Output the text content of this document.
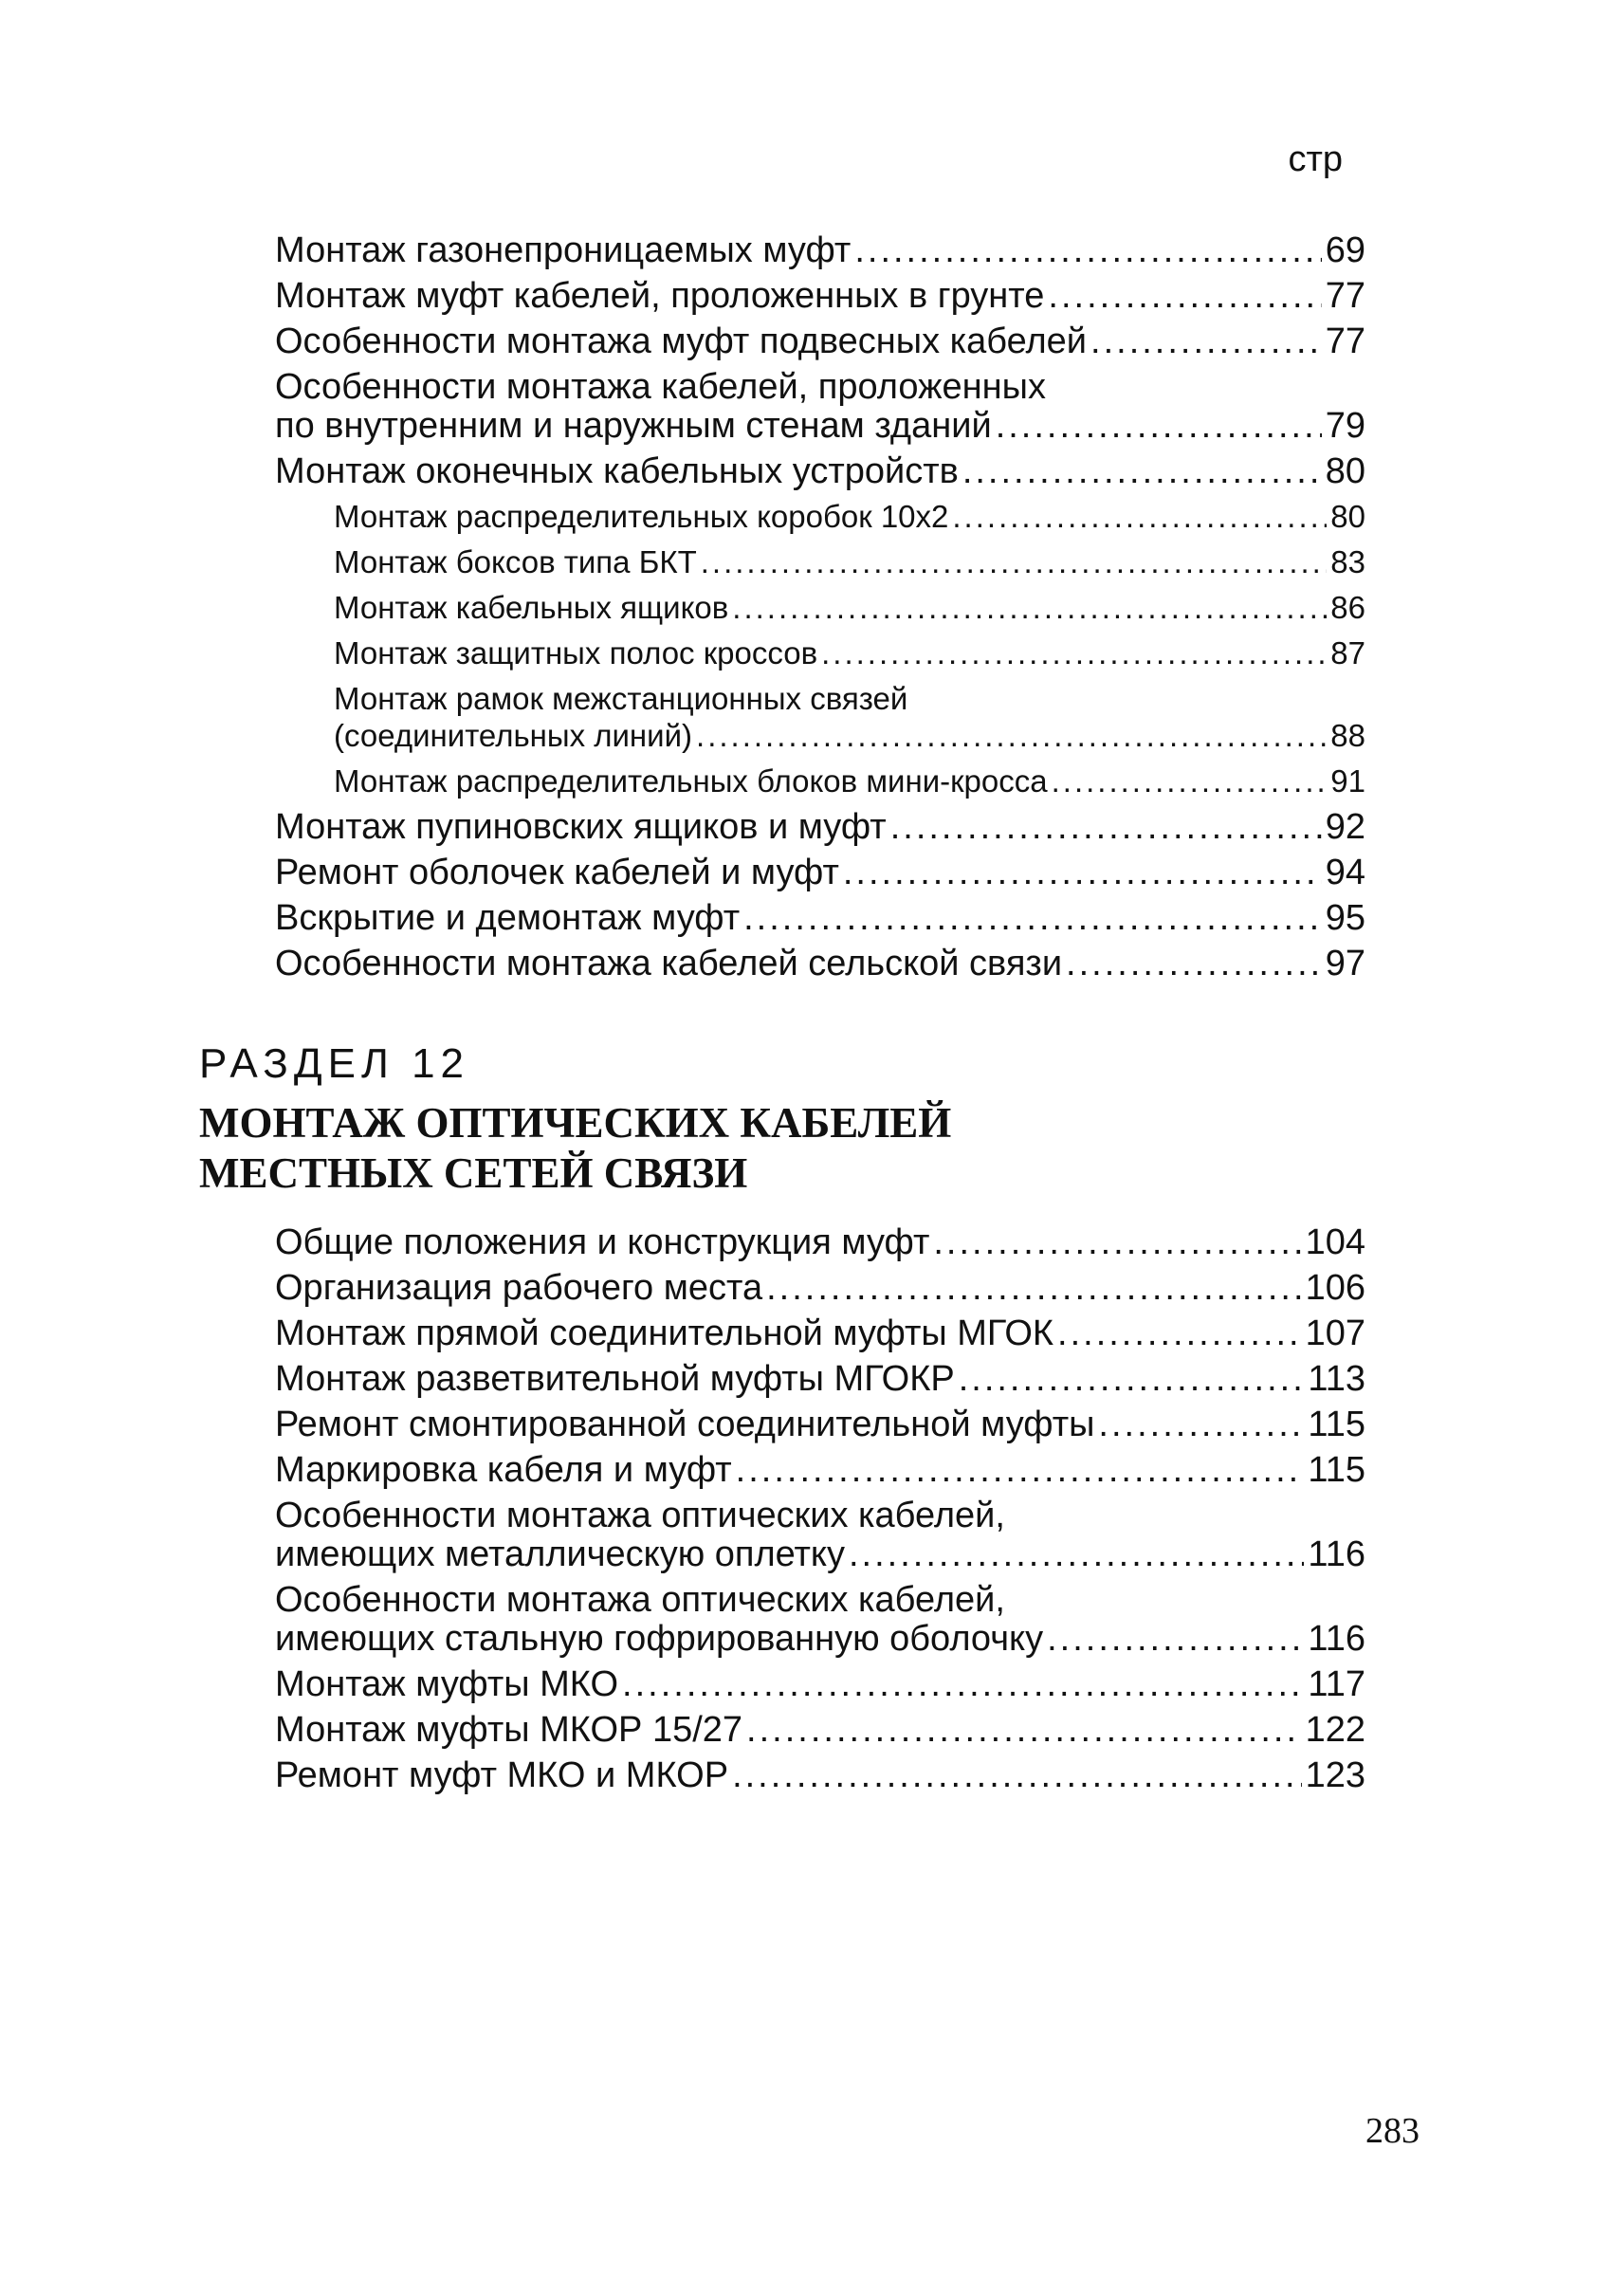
стр
Монтаж газонепроницаемых муфт .....	69
Монтаж муфт кабелей, проложенных в грунте .....	77
Особенности монтажа муфт подвесных кабелей .....	77
Особенности монтажа кабелей, проложенных
по внутренним и наружным стенам зданий .....	79
Монтаж оконечных кабельных устройств .....	80
Монтаж распределительных коробок 10x2 .....	80
Монтаж боксов типа БКТ .....	83
Монтаж кабельных ящиков .....	86
Монтаж защитных полос кроссов .....	87
Монтаж рамок межстанционных связей
(соединительных линий) .....	88
Монтаж распределительных блоков мини-кросса .....	91
Монтаж пупиновских ящиков и муфт .....	92
Ремонт оболочек кабелей и муфт .....	94
Вскрытие и демонтаж муфт .....	95
Особенности монтажа кабелей сельской связи .....	97
РАЗДЕЛ 12
МОНТАЖ ОПТИЧЕСКИХ КАБЕЛЕЙ
МЕСТНЫХ СЕТЕЙ СВЯЗИ
Общие положения и конструкция муфт .....	104
Организация рабочего места .....	106
Монтаж прямой соединительной муфты МГОК .....	107
Монтаж разветвительной муфты МГОКР .....	113
Ремонт смонтированной соединительной муфты .....	115
Маркировка кабеля и муфт .....	115
Особенности монтажа оптических кабелей,
имеющих металлическую оплетку .....	116
Особенности монтажа оптических кабелей,
имеющих стальную гофрированную оболочку .....	116
Монтаж муфты МКО .....	117
Монтаж муфты МКОР 15/27 .....	122
Ремонт муфт МКО и МКОР .....	123
283
